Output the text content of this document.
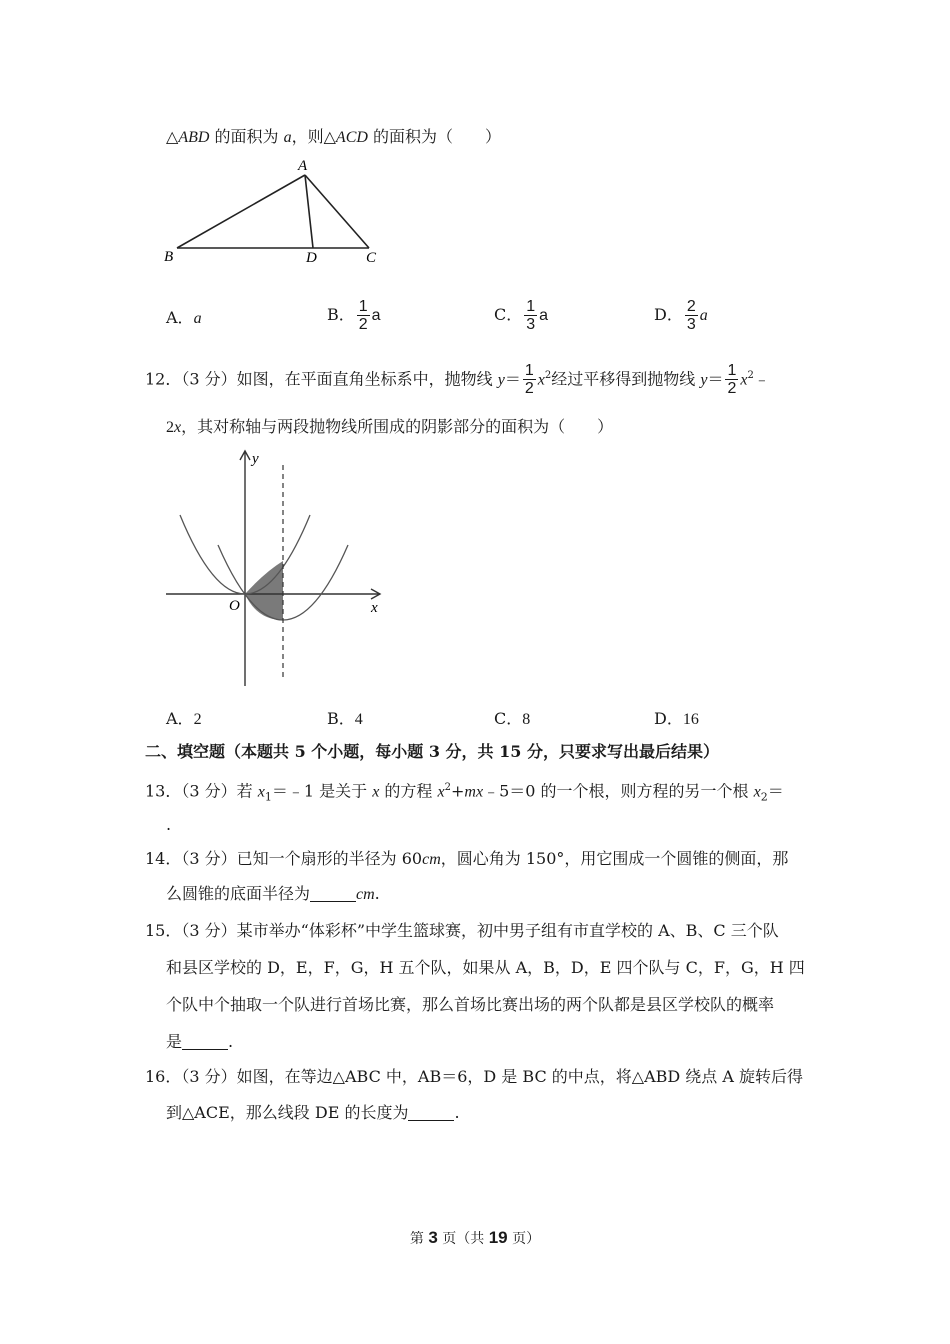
△ABD 的面积为 a，则△ACD 的面积为（　　）
A
B	D	C
A．a	B． $\frac{1}{2}$ a	C． $\frac{1}{3}$ a	D． $\frac{2}{3}$ a
12．（3 分）如图，在平面直角坐标系中，抛物线 $y= \frac{1}{2} x^2$经过平移得到抛物线 $y= \frac{1}{2}$ $x^2﹣$
2x，其对称轴与两段抛物线所围成的阴影部分的面积为（　　）
y
x
O
A．2	B．4	C．8	D．16
二、填空题（本题共 5 个小题，每小题 3 分，共 15 分，只要求写出最后结果）
13．（3 分）若 $x_1=﹣1$ 是关于 x 的方程 $x^2+mx﹣5=0$ 的一个根，则方程的另一个根 $x_2=$
.
14．（3 分）已知一个扇形的半径为 60cm，圆心角为 150°，用它围成一个圆锥的侧面，那
么圆锥的底面半径为	cm.
15．（3 分）某市举办“体彩杯”中学生篮球赛，初中男子组有市直学校的 A、B、C 三个队
和县区学校的 D，E，F，G，H 五个队，如果从 A，B，D，E 四个队与 C，F，G，H 四
个队中个抽取一个队进行首场比赛，那么首场比赛出场的两个队都是县区学校队的概率
是	.
16．（3 分）如图，在等边△ABC 中，AB＝6，D 是 BC 的中点，将△ABD 绕点 A 旋转后得
到△ACE，那么线段 DE 的长度为	.
第 3 页（共 19 页）
